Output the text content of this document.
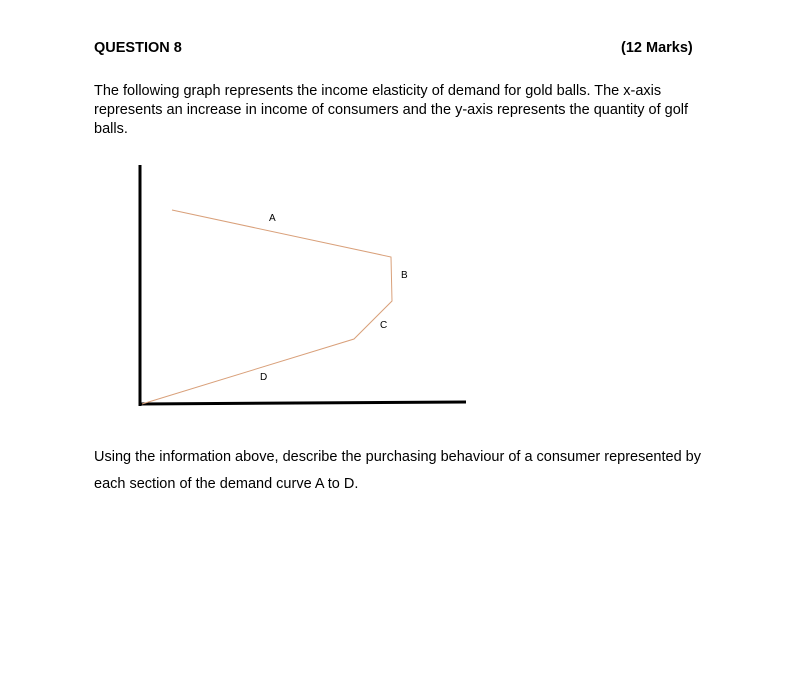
QUESTION 8	(12 Marks)
The following graph represents the income elasticity of demand for gold balls. The x-axis represents an increase in income of consumers and the y-axis represents the quantity of golf balls.
A
B
C
D
Using the information above, describe the purchasing behaviour of a consumer represented by each section of the demand curve A to D.
